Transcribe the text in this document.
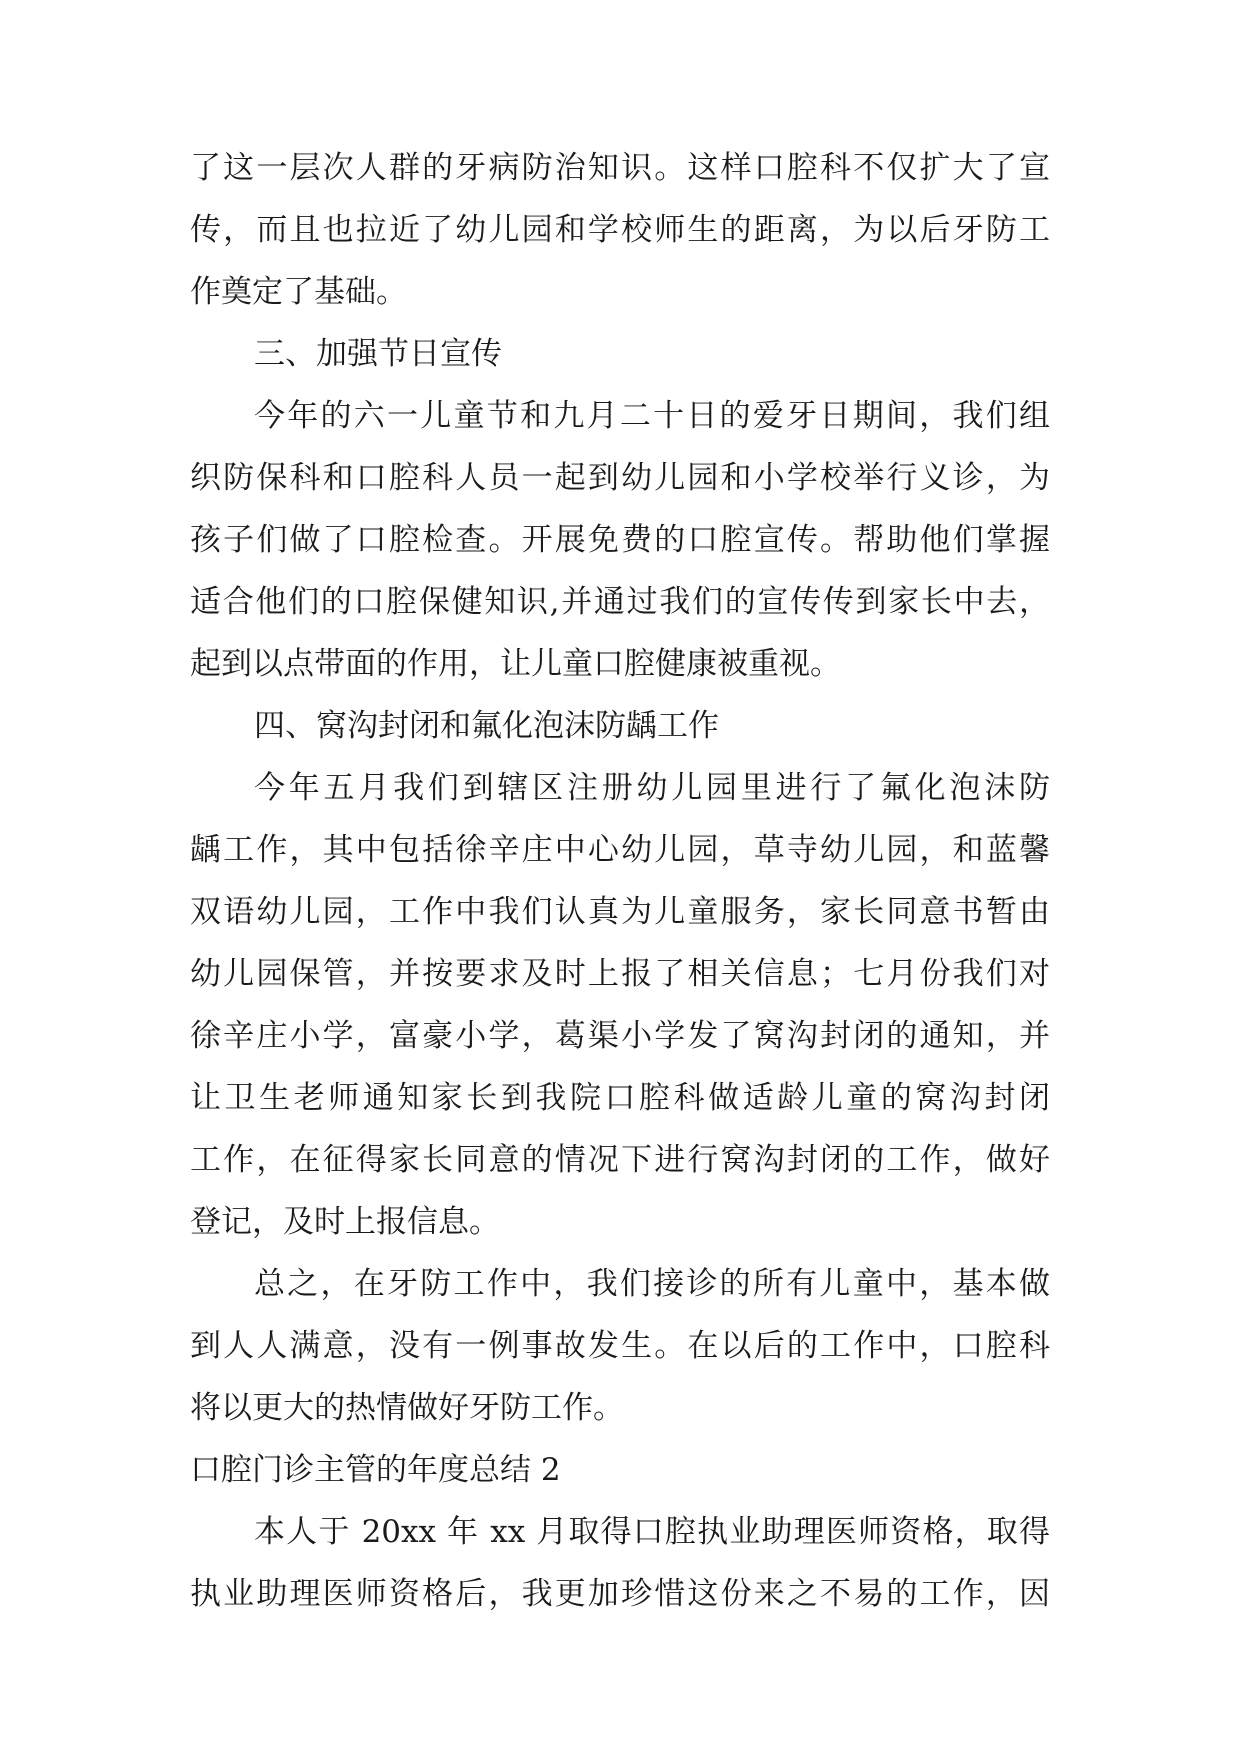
了这一层次人群的牙病防治知识。这样口腔科不仅扩大了宣
传，而且也拉近了幼儿园和学校师生的距离，为以后牙防工
作奠定了基础。
三、加强节日宣传
今年的六一儿童节和九月二十日的爱牙日期间，我们组
织防保科和口腔科人员一起到幼儿园和小学校举行义诊，为
孩子们做了口腔检查。开展免费的口腔宣传。帮助他们掌握
适合他们的口腔保健知识,并通过我们的宣传传到家长中去，
起到以点带面的作用，让儿童口腔健康被重视。
四、窝沟封闭和氟化泡沫防龋工作
今年五月我们到辖区注册幼儿园里进行了氟化泡沫防
龋工作，其中包括徐辛庄中心幼儿园，草寺幼儿园，和蓝馨
双语幼儿园，工作中我们认真为儿童服务，家长同意书暂由
幼儿园保管，并按要求及时上报了相关信息；七月份我们对
徐辛庄小学，富豪小学，葛渠小学发了窝沟封闭的通知，并
让卫生老师通知家长到我院口腔科做适龄儿童的窝沟封闭
工作，在征得家长同意的情况下进行窝沟封闭的工作，做好
登记，及时上报信息。
总之，在牙防工作中，我们接诊的所有儿童中，基本做
到人人满意，没有一例事故发生。在以后的工作中，口腔科
将以更大的热情做好牙防工作。
口腔门诊主管的年度总结 2
本人于 20xx 年 xx 月取得口腔执业助理医师资格，取得
执业助理医师资格后，我更加珍惜这份来之不易的工作，因
